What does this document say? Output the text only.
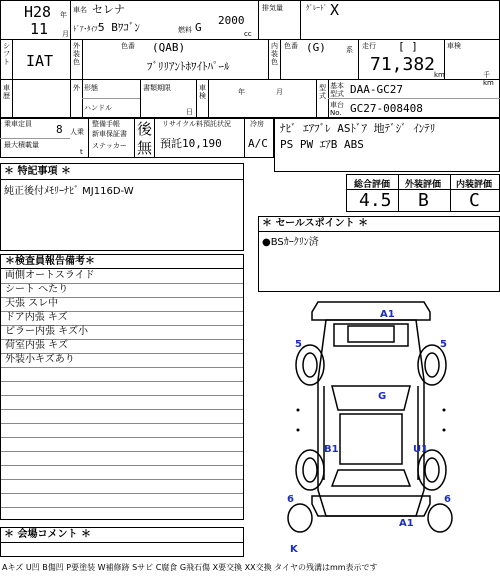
H28 年
11 月
車名 セレナ
ﾄﾞｱ･ﾀｲﾌﾟ
5 Bﾜｺﾞﾝ	燃料 G
排気量
2000
cc
ｸﾞﾚｰﾄﾞ X
シフト IAT
外装色
色番 (QAB)
ﾌﾞﾘﾘｱﾝﾄﾎﾜｲﾄﾊﾟｰﾙ
内装色
色番 (G)	系 走行 [ ]
71,382
km
車検
千km
車歴
外 形態
ハンドル
書類期限
日
車検	年	月	型式
基本型式 DAA-GC27
車台No. GC27-008408
乗車定員 8 人乗
最大積載量
t
整備手帳
新車保証書
ステッカー
後
無
リサイクル料預託状況
預託10,190
冷房
A/C
ﾅﾋﾞ ｴｱﾌﾞﾚ ASﾄﾞｱ 地ﾃﾞｼﾞ ｲﾝﾃﾘ
PS PW ｴｱB ABS
＊ 特記事項 ＊
純正後付ﾒﾓﾘｰﾅﾋﾞ MJ116D-W
総合評価 外装評価 内装評価
4.5 B C
＊ セールスポイント ＊
●BSｶｰｸﾘﾝ済
＊検査員報告備考＊
両側オートスライド
シート へたり
天張 スレ中
ドア内張 キズ
ピラー内張 キズ小
荷室内張 キズ
外装小キズあり
A1
5	5
G
B1	U1
6	6
A1
K
＊ 会場コメント ＊
Aキズ U凹 B傷凹 P要塗装 W補修跡 Sサビ C腐食 G飛石傷 X要交換 XX交換 タイヤの残溝はmm表示です
